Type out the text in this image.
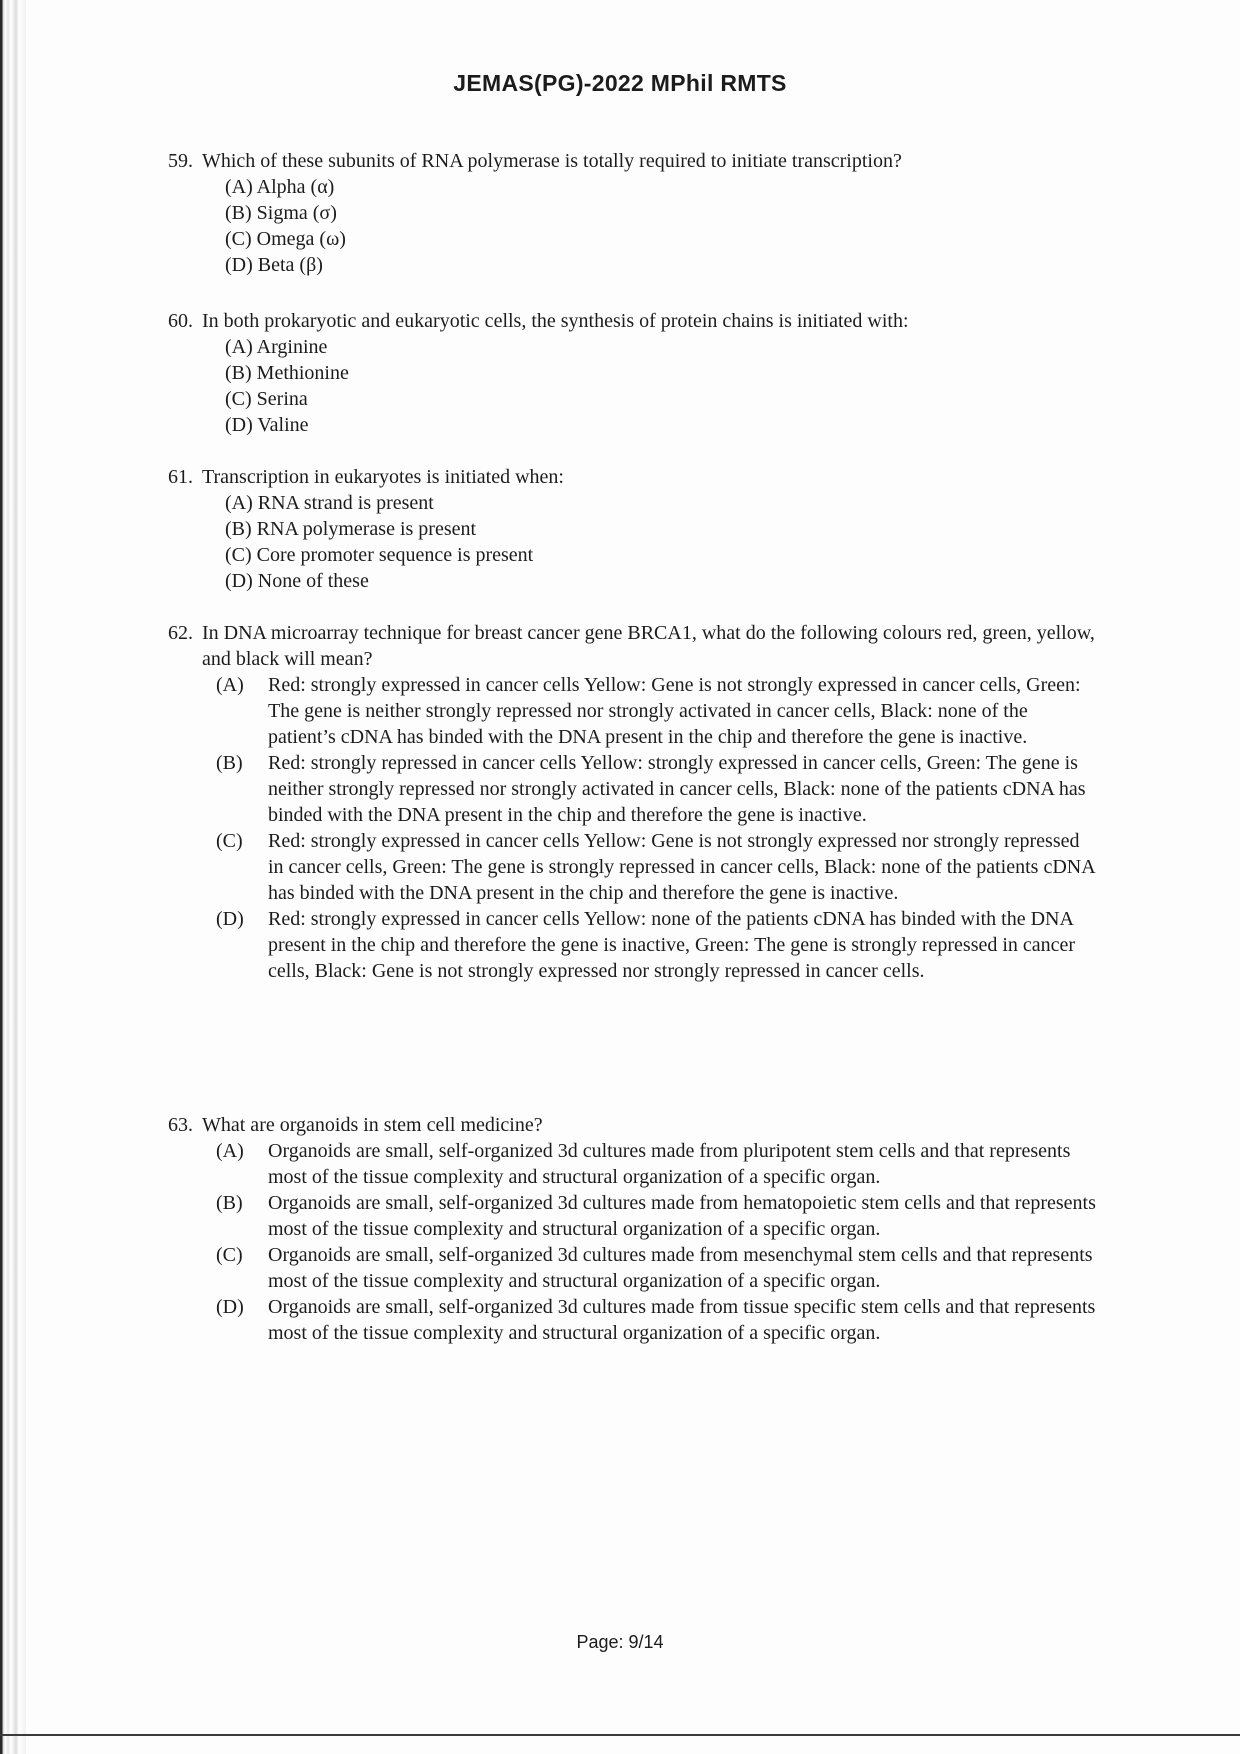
JEMAS(PG)-2022 MPhil RMTS
59. Which of these subunits of RNA polymerase is totally required to initiate transcription?
(A) Alpha (α)
(B) Sigma (σ)
(C) Omega (ω)
(D) Beta (β)
60. In both prokaryotic and eukaryotic cells, the synthesis of protein chains is initiated with:
(A) Arginine
(B) Methionine
(C) Serina
(D) Valine
61. Transcription in eukaryotes is initiated when:
(A) RNA strand is present
(B) RNA polymerase is present
(C) Core promoter sequence is present
(D) None of these
62. In DNA microarray technique for breast cancer gene BRCA1, what do the following colours red, green, yellow, and black will mean?
(A)	Red: strongly expressed in cancer cells Yellow: Gene is not strongly expressed in cancer cells, Green: The gene is neither strongly repressed nor strongly activated in cancer cells, Black: none of the patient’s cDNA has binded with the DNA present in the chip and therefore the gene is inactive.
(B)	Red: strongly repressed in cancer cells Yellow: strongly expressed in cancer cells, Green: The gene is neither strongly repressed nor strongly activated in cancer cells, Black: none of the patients cDNA has binded with the DNA present in the chip and therefore the gene is inactive.
(C)	Red: strongly expressed in cancer cells Yellow: Gene is not strongly expressed nor strongly repressed in cancer cells, Green: The gene is strongly repressed in cancer cells, Black: none of the patients cDNA has binded with the DNA present in the chip and therefore the gene is inactive.
(D)	Red: strongly expressed in cancer cells Yellow: none of the patients cDNA has binded with the DNA present in the chip and therefore the gene is inactive, Green: The gene is strongly repressed in cancer cells, Black: Gene is not strongly expressed nor strongly repressed in cancer cells.
63. What are organoids in stem cell medicine?
(A)	Organoids are small, self-organized 3d cultures made from pluripotent stem cells and that represents most of the tissue complexity and structural organization of a specific organ.
(B)	Organoids are small, self-organized 3d cultures made from hematopoietic stem cells and that represents most of the tissue complexity and structural organization of a specific organ.
(C)	Organoids are small, self-organized 3d cultures made from mesenchymal stem cells and that represents most of the tissue complexity and structural organization of a specific organ.
(D)	Organoids are small, self-organized 3d cultures made from tissue specific stem cells and that represents most of the tissue complexity and structural organization of a specific organ.
Page: 9/14
